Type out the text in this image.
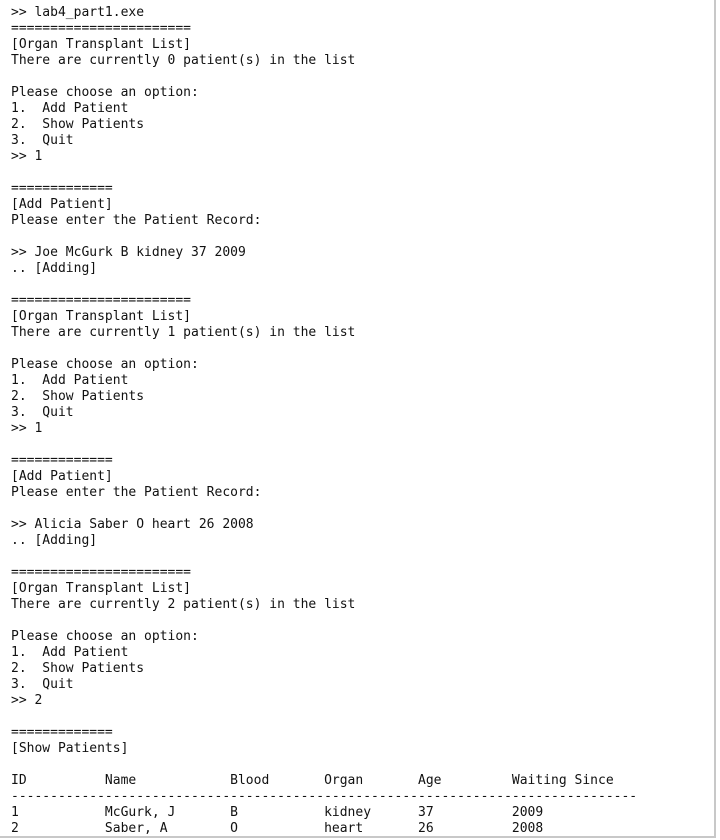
>> lab4_part1.exe
=======================
[Organ Transplant List]
There are currently 0 patient(s) in the list
Please choose an option:
1.  Add Patient
2.  Show Patients
3.  Quit
>> 1
=============
[Add Patient]
Please enter the Patient Record:
>> Joe McGurk B kidney 37 2009
.. [Adding]
=======================
[Organ Transplant List]
There are currently 1 patient(s) in the list
Please choose an option:
1.  Add Patient
2.  Show Patients
3.  Quit
>> 1
=============
[Add Patient]
Please enter the Patient Record:
>> Alicia Saber O heart 26 2008
.. [Adding]
=======================
[Organ Transplant List]
There are currently 2 patient(s) in the list
Please choose an option:
1.  Add Patient
2.  Show Patients
3.  Quit
>> 2
=============
[Show Patients]
ID          Name            Blood       Organ       Age         Waiting Since
--------------------------------------------------------------------------------
1           McGurk, J       B           kidney      37          2009
2           Saber, A        O           heart       26          2008
